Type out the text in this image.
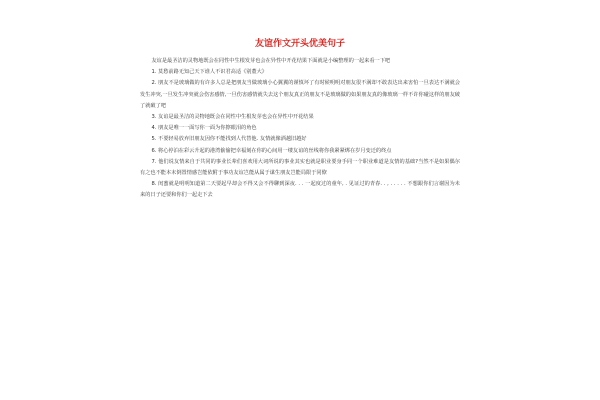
友谊作文开头优美句子

友谊是最圣洁的灵物地既会在同性中生根发芽也会在异性中开花结果下面就是小编整理的一起来看一下吧

1. 莫愁前路无知己天下谁人不识君高适《别董大》

2. 朋友不是玻璃做的有许多人总是把朋友当做玻璃小心翼翼的谨慎坏了有时候明明对朋友很不满却不敢表达出来害怕一旦表达不满就会发生冲突,一旦发生冲突就会伤害感情,一旦伤害感情就失去这个朋友真正的朋友不是玻璃做的如果朋友真的像玻璃一样不许你碰这样的朋友破了就破了吧

3. 友谊是最圣洁的灵物地既会在同性中生根发芽也会在异性中开花结果

4. 朋友是唯一一面写你一面为你擦眼泪的角色

5. 不要轻易放弃旧朋友因你不能找到人代替他. 友情就像酒越旧越好

6. 将心停泊在彩云升起的港湾偷偷把幸福刻在你的心间用一缕友谊的丝线将你我紧紧绑在岁月变迁的终点

7. 他们说友情来自于共同的事业长辈们喜欢用大词所说的事业其实也就是职业要身手同一个职业难道是友情的基础?当然不是如果偶尔有之也不能本末倒置情感岂能依附于事功友谊岂能从属于谋生朋友岂能局限于同僚

8. 闺蜜就是明明知道第二天要起早却会不得又会不得聊到深夜. . . 一起度过的童年, . 见证过的青春. . , . . . . . 不想跟你们言谢因为未来的日子还要和你们一起走下去
